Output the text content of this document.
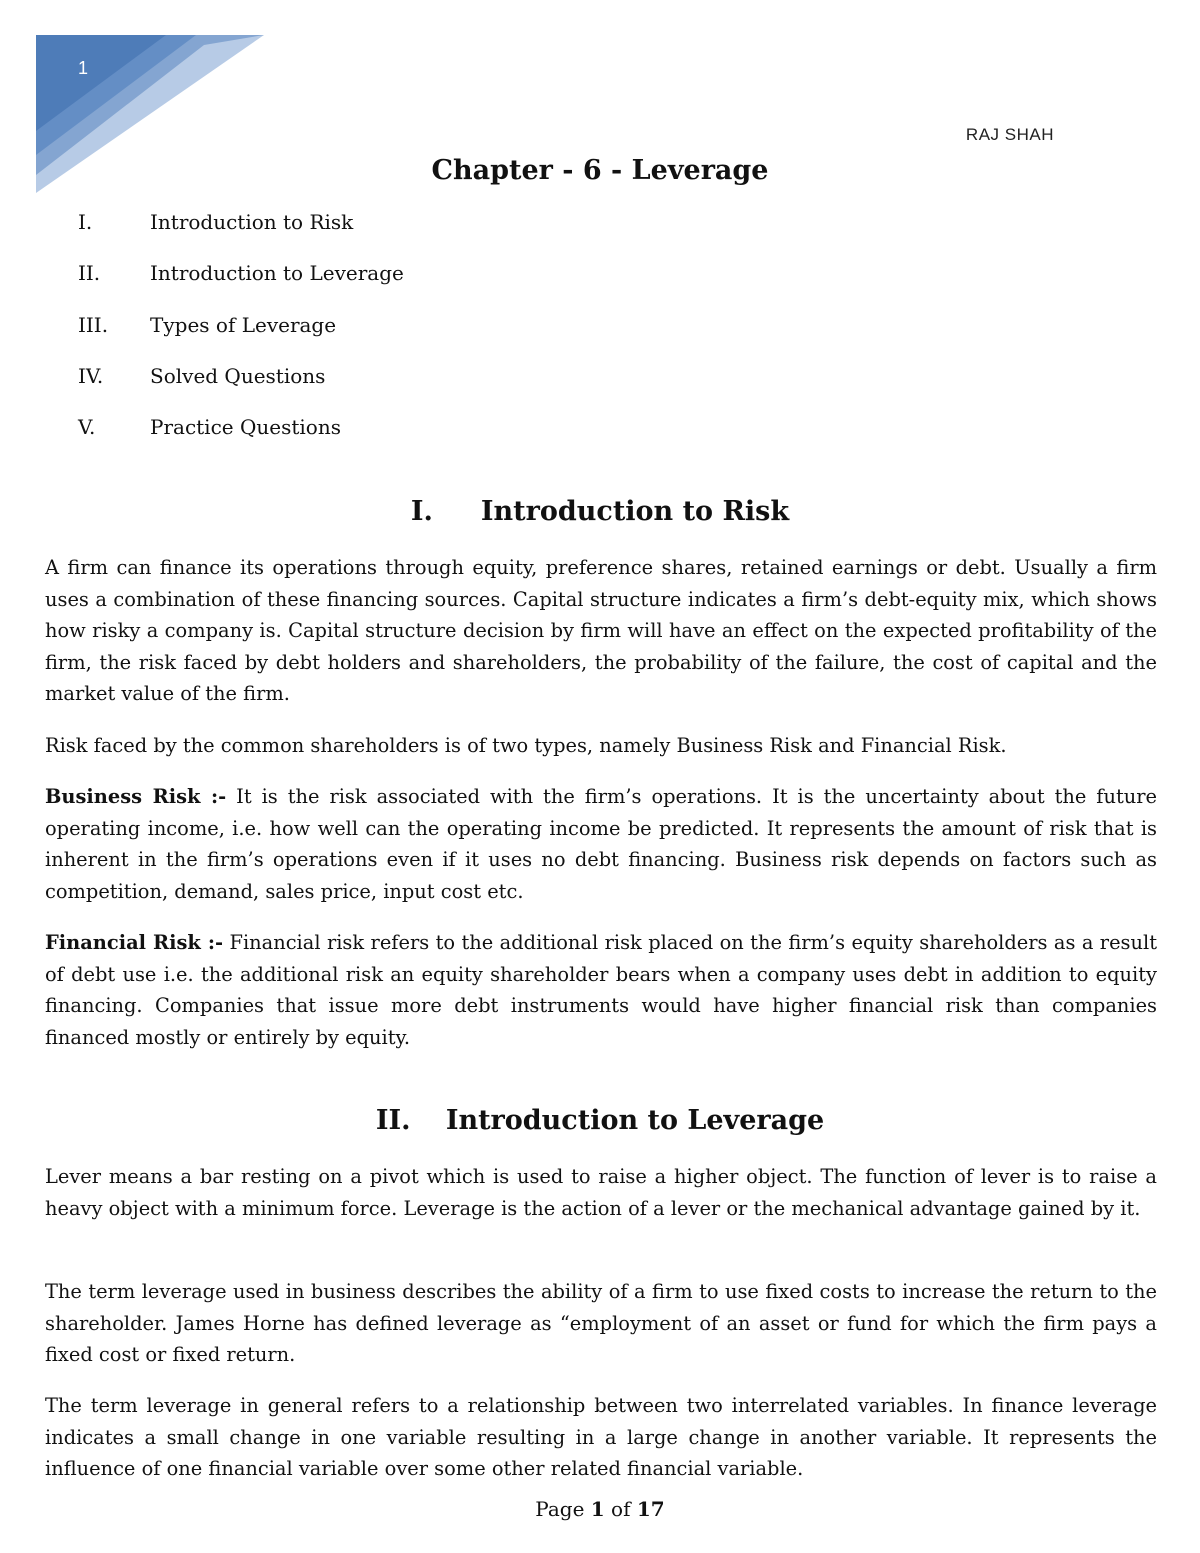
1
RAJ SHAH
Chapter - 6 - Leverage
I.	Introduction to Risk
II.	Introduction to Leverage
III.	Types of Leverage
IV.	Solved Questions
V.	Practice Questions
I. Introduction to Risk

A firm can finance its operations through equity, preference shares, retained earnings or debt. Usually a firm uses a combination of these financing sources. Capital structure indicates a firm’s debt-equity mix, which shows how risky a company is. Capital structure decision by firm will have an effect on the expected profitability of the firm, the risk faced by debt holders and shareholders, the probability of the failure, the cost of capital and the market value of the firm.

Risk faced by the common shareholders is of two types, namely Business Risk and Financial Risk.

Business Risk :- It is the risk associated with the firm’s operations. It is the uncertainty about the future operating income, i.e. how well can the operating income be predicted. It represents the amount of risk that is inherent in the firm’s operations even if it uses no debt financing. Business risk depends on factors such as competition, demand, sales price, input cost etc.

Financial Risk :- Financial risk refers to the additional risk placed on the firm’s equity shareholders as a result of debt use i.e. the additional risk an equity shareholder bears when a company uses debt in addition to equity financing. Companies that issue more debt instruments would have higher financial risk than companies financed mostly or entirely by equity.

II. Introduction to Leverage

Lever means a bar resting on a pivot which is used to raise a higher object. The function of lever is to raise a heavy object with a minimum force. Leverage is the action of a lever or the mechanical advantage gained by it.

The term leverage used in business describes the ability of a firm to use fixed costs to increase the return to the shareholder. James Horne has defined leverage as “employment of an asset or fund for which the firm pays a fixed cost or fixed return.

The term leverage in general refers to a relationship between two interrelated variables. In finance leverage indicates a small change in one variable resulting in a large change in another variable. It represents the influence of one financial variable over some other related financial variable.

Page 1 of 17
